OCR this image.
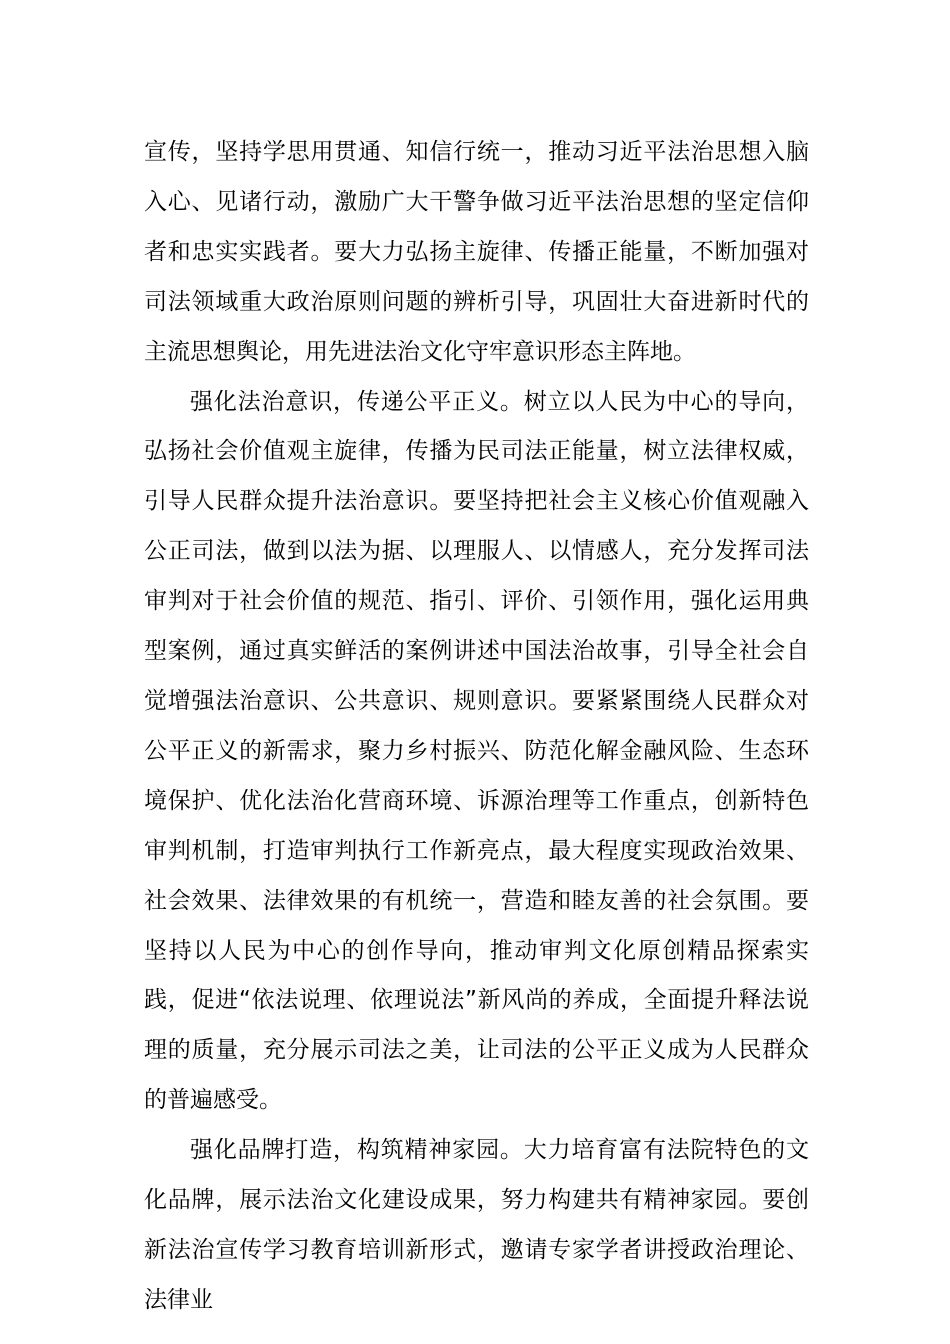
宣传，坚持学思用贯通、知信行统一，推动习近平法治思想入脑入心、见诸行动，激励广大干警争做习近平法治思想的坚定信仰者和忠实实践者。要大力弘扬主旋律、传播正能量，不断加强对司法领域重大政治原则问题的辨析引导，巩固壮大奋进新时代的主流思想舆论，用先进法治文化守牢意识形态主阵地。

强化法治意识，传递公平正义。树立以人民为中心的导向，弘扬社会价值观主旋律，传播为民司法正能量，树立法律权威，引导人民群众提升法治意识。要坚持把社会主义核心价值观融入公正司法，做到以法为据、以理服人、以情感人，充分发挥司法审判对于社会价值的规范、指引、评价、引领作用，强化运用典型案例，通过真实鲜活的案例讲述中国法治故事，引导全社会自觉增强法治意识、公共意识、规则意识。要紧紧围绕人民群众对公平正义的新需求，聚力乡村振兴、防范化解金融风险、生态环境保护、优化法治化营商环境、诉源治理等工作重点，创新特色审判机制，打造审判执行工作新亮点，最大程度实现政治效果、社会效果、法律效果的有机统一，营造和睦友善的社会氛围。要坚持以人民为中心的创作导向，推动审判文化原创精品探索实践，促进“依法说理、依理说法”新风尚的养成，全面提升释法说理的质量，充分展示司法之美，让司法的公平正义成为人民群众的普遍感受。

强化品牌打造，构筑精神家园。大力培育富有法院特色的文化品牌，展示法治文化建设成果，努力构建共有精神家园。要创新法治宣传学习教育培训新形式，邀请专家学者讲授政治理论、法律业
